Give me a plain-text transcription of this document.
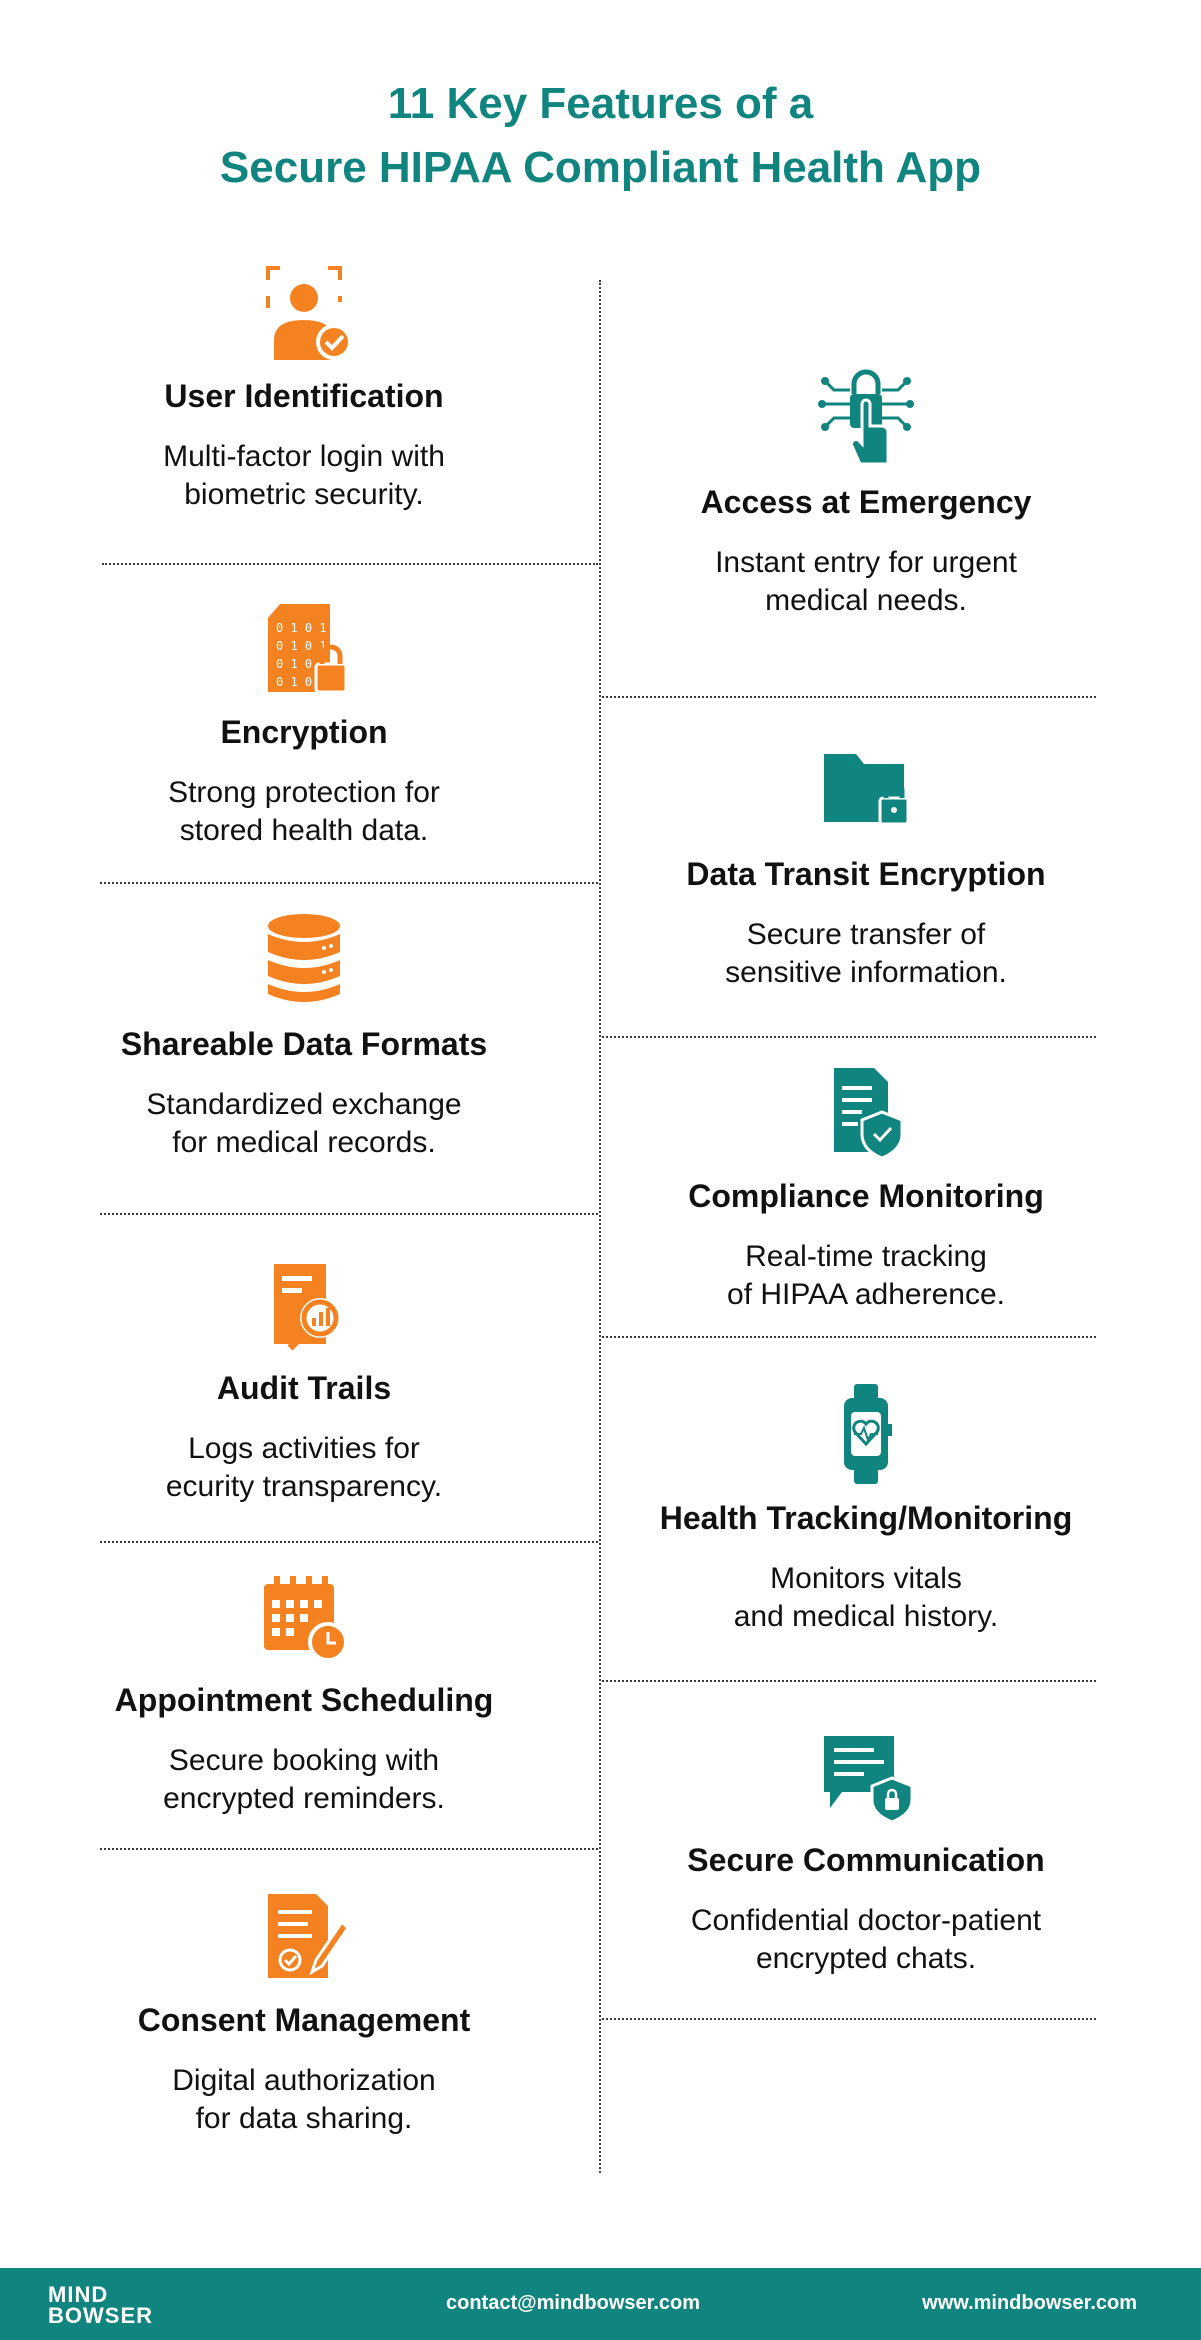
11 Key Features of a
Secure HIPAA Compliant Health App
User Identification
Multi-factor login with
biometric security.
0 1 0 1
0 1 0 1
0 1 0
0 1 0
Encryption
Strong protection for
stored health data.
Shareable Data Formats
Standardized exchange
for medical records.
Audit Trails
Logs activities for
ecurity transparency.
Appointment Scheduling
Secure booking with
encrypted reminders.
Consent Management
Digital authorization
for data sharing.
Access at Emergency
Instant entry for urgent
medical needs.
Data Transit Encryption
Secure transfer of
sensitive information.
Compliance Monitoring
Real-time tracking
of HIPAA adherence.
Health Tracking/Monitoring
Monitors vitals
and medical history.
Secure Communication
Confidential doctor-patient
encrypted chats.
MIND
BOWSER	contact@mindbowser.com	www.mindbowser.com
